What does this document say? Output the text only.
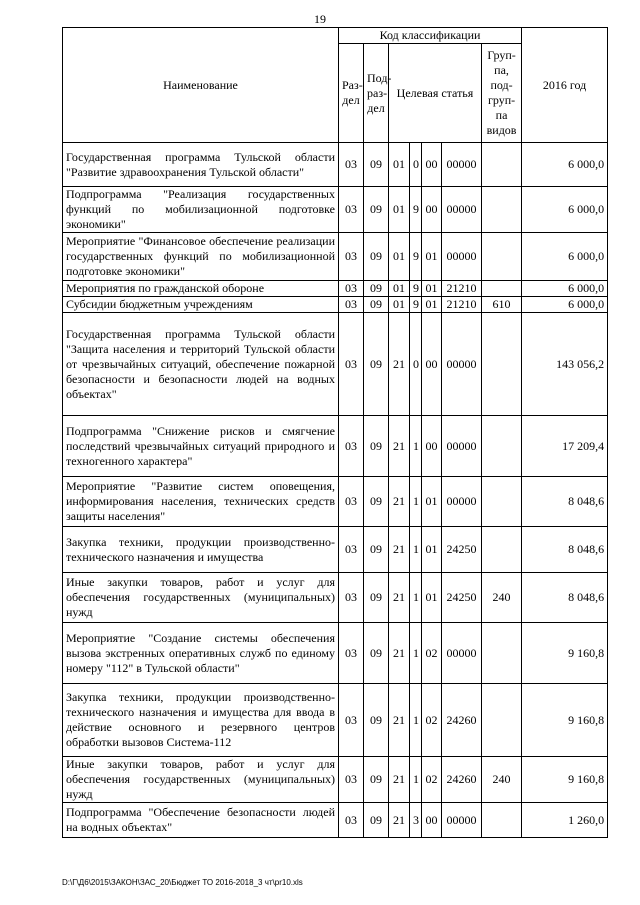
19
Наименование	Код классификации							2016 год
	Раз-дел	Под-раз-дел	Целевая статья				Груп-па, под-груп-па видов	
Государственная программа Тульской области "Развитие здравоохранения Тульской области"	03	09	01	0	00	00000		6 000,0
Подпрограмма "Реализация государственных функций по мобилизационной подготовке экономики"	03	09	01	9	00	00000		6 000,0
Мероприятие "Финансовое обеспечение реализации государственных функций по мобилизационной подготовке экономики"	03	09	01	9	01	00000		6 000,0
Мероприятия по гражданской обороне	03	09	01	9	01	21210		6 000,0
Субсидии бюджетным учреждениям	03	09	01	9	01	21210	610	6 000,0
Государственная программа Тульской области "Защита населения и территорий Тульской области от чрезвычайных ситуаций, обеспечение пожарной безопасности и безопасности людей на водных объектах"	03	09	21	0	00	00000		143 056,2
Подпрограмма "Снижение рисков и смягчение последствий чрезвычайных ситуаций природного и техногенного характера"	03	09	21	1	00	00000		17 209,4
Мероприятие "Развитие систем оповещения, информирования населения, технических средств защиты населения"	03	09	21	1	01	00000		8 048,6
Закупка техники, продукции производственно-технического назначения и имущества	03	09	21	1	01	24250		8 048,6
Иные закупки товаров, работ и услуг для обеспечения государственных (муниципальных) нужд	03	09	21	1	01	24250	240	8 048,6
Мероприятие "Создание системы обеспечения вызова экстренных оперативных служб по единому номеру "112" в Тульской области"	03	09	21	1	02	00000		9 160,8
Закупка техники, продукции производственно-технического назначения и имущества для ввода в действие основного и резервного центров обработки вызовов Система-112	03	09	21	1	02	24260		9 160,8
Иные закупки товаров, работ и услуг для обеспечения государственных (муниципальных) нужд	03	09	21	1	02	24260	240	9 160,8
Подпрограмма "Обеспечение безопасности людей на водных объектах"	03	09	21	3	00	00000		1 260,0
D:\Г\Д6\2015\ЗАКОН\ЗАС_20\Бюджет ТО 2016-2018_3 чт\pr10.xls
